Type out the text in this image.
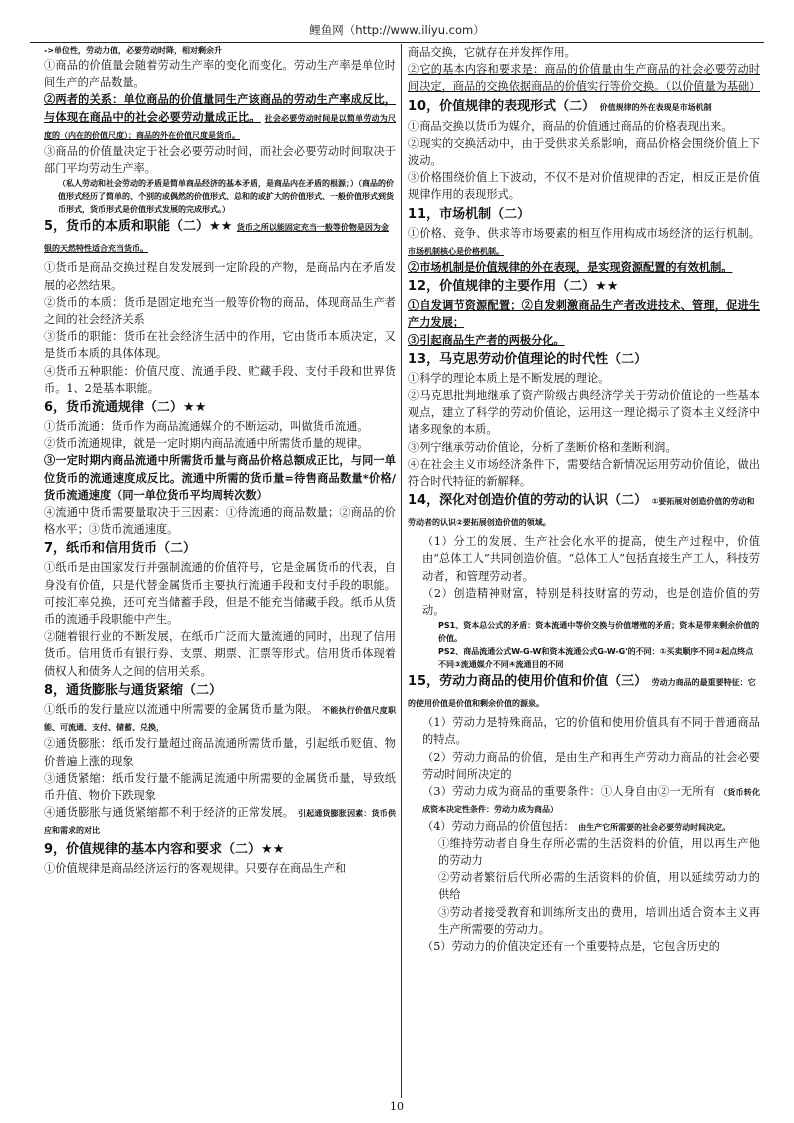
鲤鱼网（http://www.iliyu.com）
->单位性，劳动力值，必要劳动时降，相对剩余升
①商品的价值量会随着劳动生产率的变化而变化。劳动生产率是单位时间生产的产品数量。
②两者的关系：单位商品的价值量同生产该商品的劳动生产率成反比，与体现在商品中的社会必要劳动量成正比。 社会必要劳动时间是以简单劳动为尺度的（内在的价值尺度）；商品的外在价值尺度是货币。
③商品的价值量决定于社会必要劳动时间，而社会必要劳动时间取决于部门平均劳动生产率。
（私人劳动和社会劳动的矛盾是简单商品经济的基本矛盾，是商品内在矛盾的根源；）（商品的价值形式经历了简单的、个别的或偶然的价值形式、总和的或扩大的价值形式、一般价值形式到货币形式，货币形式是价值形式发展的完成形式。）
5，货币的本质和职能（二）★★ 货币之所以能固定充当一般等价物是因为金银的天然特性适合充当货币。
①货币是商品交换过程自发发展到一定阶段的产物，是商品内在矛盾发展的必然结果。
②货币的本质：货币是固定地充当一般等价物的商品，体现商品生产者之间的社会经济关系
③货币的职能：货币在社会经济生活中的作用，它由货币本质决定，又是货币本质的具体体现。
④货币五种职能：价值尺度、流通手段、贮藏手段、支付手段和世界货币。1、2是基本职能。
6，货币流通规律（二）★★
①货币流通：货币作为商品流通媒介的不断运动，叫做货币流通。
②货币流通规律，就是一定时期内商品流通中所需货币量的规律。
③一定时期内商品流通中所需货币量与商品价格总额成正比，与同一单位货币的流通速度成反比。流通中所需的货币量=待售商品数量*价格/货币流通速度（同一单位货币平均周转次数）
④流通中货币需要量取决于三因素：①待流通的商品数量；②商品的价格水平；③货币流通速度。
7，纸币和信用货币（二）
①纸币是由国家发行并强制流通的价值符号，它是金属货币的代表，自身没有价值，只是代替金属货币主要执行流通手段和支付手段的职能。可按汇率兑换，还可充当储蓄手段，但是不能充当储藏手段。纸币从货币的流通手段职能中产生。
②随着银行业的不断发展，在纸币广泛而大量流通的同时，出现了信用货币。信用货币有银行券、支票、期票、汇票等形式。信用货币体现着债权人和债务人之间的信用关系。
8，通货膨胀与通货紧缩（二）
①纸币的发行量应以流通中所需要的金属货币量为限。 不能执行价值尺度职能、可流通、支付、储蓄、兑换，
②通货膨胀：纸币发行量超过商品流通所需货币量，引起纸币贬值、物价普遍上涨的现象
③通货紧缩：纸币发行量不能满足流通中所需要的金属货币量，导致纸币升值、物价下跌现象
④通货膨胀与通货紧缩都不利于经济的正常发展。 引起通货膨胀因素：货币供应和需求的对比
9，价值规律的基本内容和要求（二）★★
①价值规律是商品经济运行的客观规律。只要存在商品生产和
商品交换，它就存在并发挥作用。
②它的基本内容和要求是：商品的价值量由生产商品的社会必要劳动时间决定，商品的交换依据商品的价值实行等价交换。（以价值量为基础）
10，价值规律的表现形式（二） 价值规律的外在表现是市场机制
①商品交换以货币为媒介，商品的价值通过商品的价格表现出来。
②现实的交换活动中，由于受供求关系影响，商品价格会围绕价值上下波动。
③价格围绕价值上下波动，不仅不是对价值规律的否定，相反正是价值规律作用的表现形式。
11，市场机制（二）
①价格、竞争、供求等市场要素的相互作用构成市场经济的运行机制。 市场机制核心是价格机制。
②市场机制是价值规律的外在表现，是实现资源配置的有效机制。
12，价值规律的主要作用（二）★★
①自发调节资源配置；②自发刺激商品生产者改进技术、管理，促进生产力发展；
③引起商品生产者的两极分化。
13，马克思劳动价值理论的时代性（二）
①科学的理论本质上是不断发展的理论。
②马克思批判地继承了资产阶级古典经济学关于劳动价值论的一些基本观点，建立了科学的劳动价值论，运用这一理论揭示了资本主义经济中诸多现象的本质。
③列宁继承劳动价值论，分析了垄断价格和垄断利润。
④在社会主义市场经济条件下，需要结合新情况运用劳动价值论，做出符合时代特征的新解释。
14，深化对创造价值的劳动的认识（二） ①要拓展对创造价值的劳动和劳动者的认识②要拓展创造价值的领域。
（1）分工的发展、生产社会化水平的提高，使生产过程中，价值由“总体工人”共同创造价值。“总体工人”包括直接生产工人，科技劳动者，和管理劳动者。
（2）创造精神财富，特别是科技财富的劳动，也是创造价值的劳动。
PS1、资本总公式的矛盾：资本流通中等价交换与价值增殖的矛盾；资本是带来剩余价值的价值。
PS2、商品流通公式W-G-W和资本流通公式G-W-G'的不同：①买卖顺序不同②起点终点不同③流通媒介不同④流通目的不同
15，劳动力商品的使用价值和价值（三） 劳动力商品的最重要特征：它的使用价值是价值和剩余价值的源泉。
（1）劳动力是特殊商品，它的价值和使用价值具有不同于普通商品的特点。
（2）劳动力商品的价值，是由生产和再生产劳动力商品的社会必要劳动时间所决定的
（3）劳动力成为商品的重要条件：①人身自由②一无所有 （货币转化成资本决定性条件：劳动力成为商品）
（4）劳动力商品的价值包括： 由生产它所需要的社会必要劳动时间决定。
①维持劳动者自身生存所必需的生活资料的价值，用以再生产他的劳动力
②劳动者繁衍后代所必需的生活资料的价值，用以延续劳动力的供给
③劳动者接受教育和训练所支出的费用，培训出适合资本主义再生产所需要的劳动力。
（5）劳动力的价值决定还有一个重要特点是，它包含历史的
10
